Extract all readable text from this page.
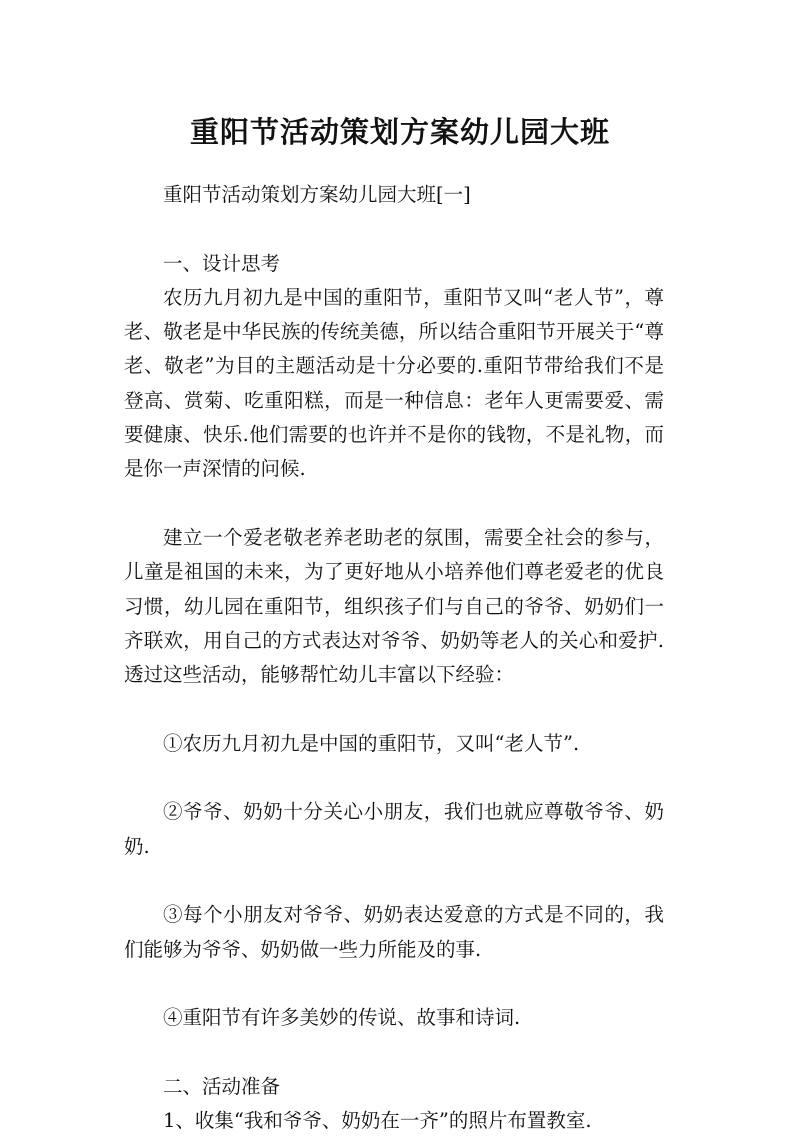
重阳节活动策划方案幼儿园大班

重阳节活动策划方案幼儿园大班[一]

一、设计思考

农历九月初九是中国的重阳节，重阳节又叫“老人节”，尊老、敬老是中华民族的传统美德，所以结合重阳节开展关于“尊老、敬老”为目的主题活动是十分必要的.重阳节带给我们不是登高、赏菊、吃重阳糕，而是一种信息：老年人更需要爱、需要健康、快乐.他们需要的也许并不是你的钱物，不是礼物，而是你一声深情的问候.

建立一个爱老敬老养老助老的氛围，需要全社会的参与，儿童是祖国的未来，为了更好地从小培养他们尊老爱老的优良习惯，幼儿园在重阳节，组织孩子们与自己的爷爷、奶奶们一齐联欢，用自己的方式表达对爷爷、奶奶等老人的关心和爱护.透过这些活动，能够帮忙幼儿丰富以下经验：

①农历九月初九是中国的重阳节，又叫“老人节”.

②爷爷、奶奶十分关心小朋友，我们也就应尊敬爷爷、奶奶.

③每个小朋友对爷爷、奶奶表达爱意的方式是不同的，我们能够为爷爷、奶奶做一些力所能及的事.

④重阳节有许多美妙的传说、故事和诗词.

二、活动准备

1、收集“我和爷爷、奶奶在一齐”的照片布置教室.
